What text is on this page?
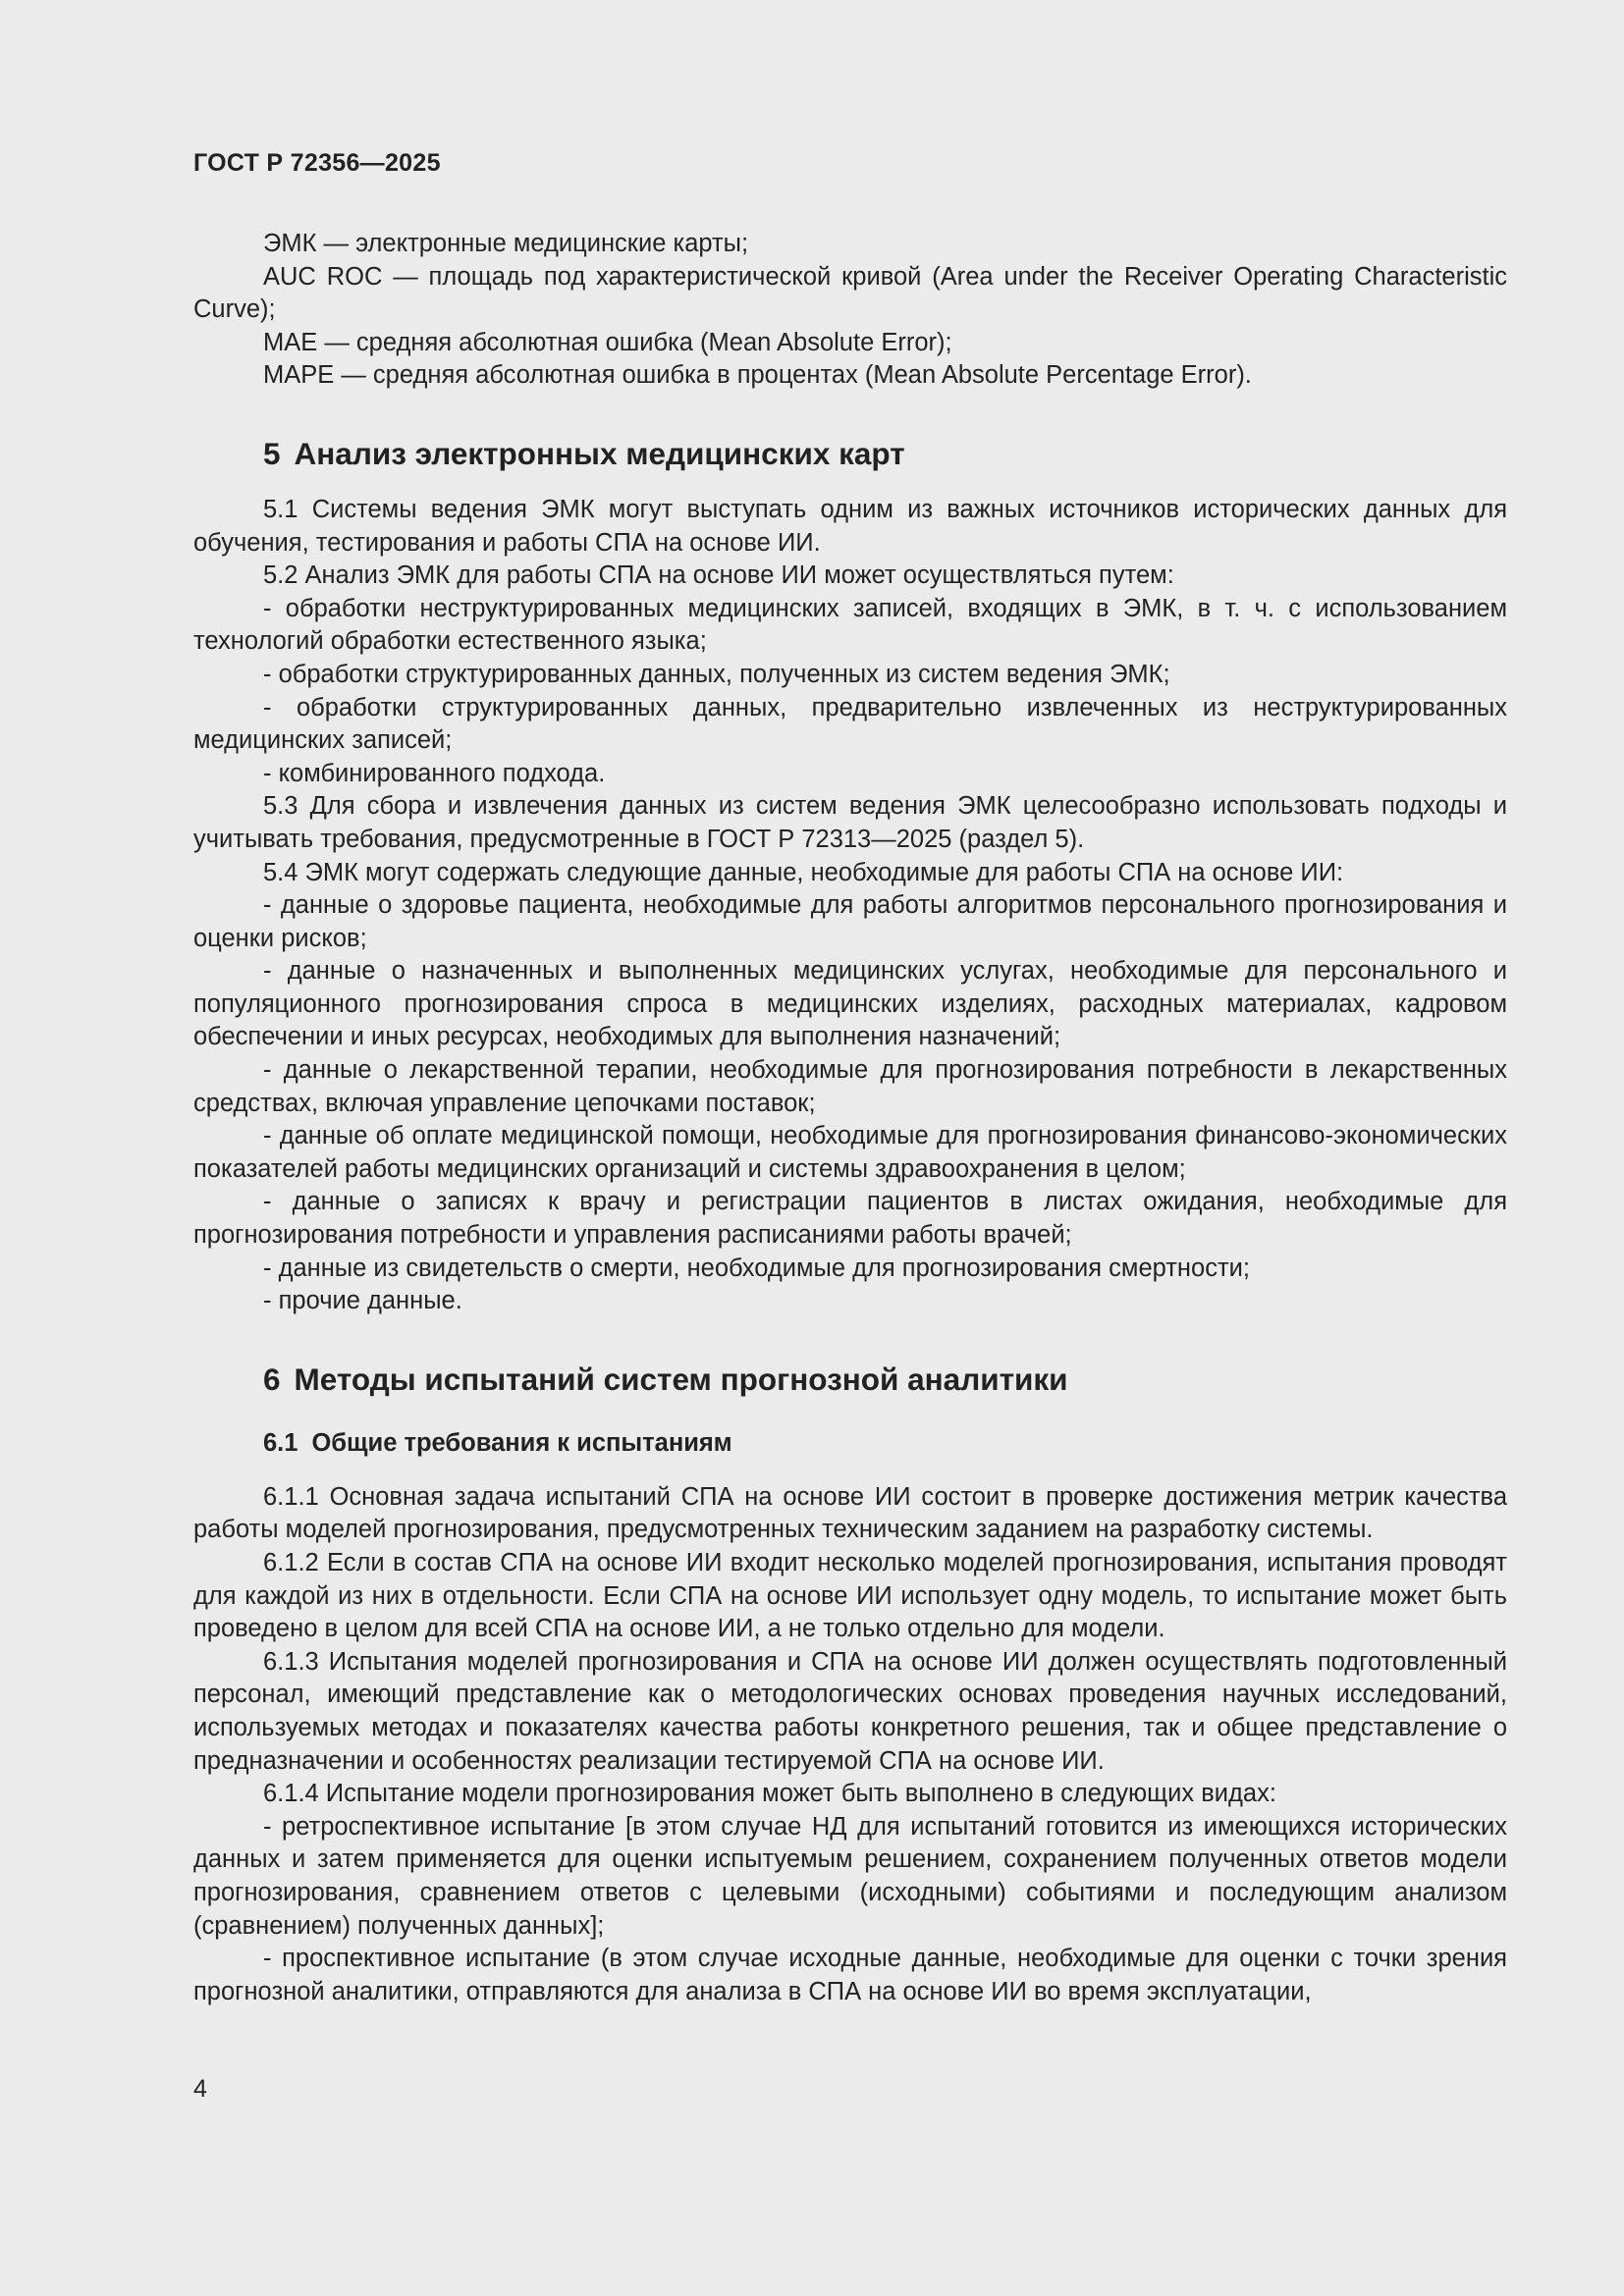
ГОСТ Р 72356—2025

ЭМК — электронные медицинские карты;

AUC ROC — площадь под характеристической кривой (Area under the Receiver Operating Characteristic Curve);

MAE — средняя абсолютная ошибка (Mean Absolute Error);

MAPE — средняя абсолютная ошибка в процентах (Mean Absolute Percentage Error).

5 Анализ электронных медицинских карт

5.1 Системы ведения ЭМК могут выступать одним из важных источников исторических данных для обучения, тестирования и работы СПА на основе ИИ.

5.2 Анализ ЭМК для работы СПА на основе ИИ может осуществляться путем:

- обработки неструктурированных медицинских записей, входящих в ЭМК, в т. ч. с использованием технологий обработки естественного языка;

- обработки структурированных данных, полученных из систем ведения ЭМК;

- обработки структурированных данных, предварительно извлеченных из неструктурированных медицинских записей;

- комбинированного подхода.

5.3 Для сбора и извлечения данных из систем ведения ЭМК целесообразно использовать подходы и учитывать требования, предусмотренные в ГОСТ Р 72313—2025 (раздел 5).

5.4 ЭМК могут содержать следующие данные, необходимые для работы СПА на основе ИИ:

- данные о здоровье пациента, необходимые для работы алгоритмов персонального прогнозирования и оценки рисков;

- данные о назначенных и выполненных медицинских услугах, необходимые для персонального и популяционного прогнозирования спроса в медицинских изделиях, расходных материалах, кадровом обеспечении и иных ресурсах, необходимых для выполнения назначений;

- данные о лекарственной терапии, необходимые для прогнозирования потребности в лекарственных средствах, включая управление цепочками поставок;

- данные об оплате медицинской помощи, необходимые для прогнозирования финансово-экономических показателей работы медицинских организаций и системы здравоохранения в целом;

- данные о записях к врачу и регистрации пациентов в листах ожидания, необходимые для прогнозирования потребности и управления расписаниями работы врачей;

- данные из свидетельств о смерти, необходимые для прогнозирования смертности;

- прочие данные.

6 Методы испытаний систем прогнозной аналитики
6.1 Общие требования к испытаниям

6.1.1 Основная задача испытаний СПА на основе ИИ состоит в проверке достижения метрик качества работы моделей прогнозирования, предусмотренных техническим заданием на разработку системы.

6.1.2 Если в состав СПА на основе ИИ входит несколько моделей прогнозирования, испытания проводят для каждой из них в отдельности. Если СПА на основе ИИ использует одну модель, то испытание может быть проведено в целом для всей СПА на основе ИИ, а не только отдельно для модели.

6.1.3 Испытания моделей прогнозирования и СПА на основе ИИ должен осуществлять подготовленный персонал, имеющий представление как о методологических основах проведения научных исследований, используемых методах и показателях качества работы конкретного решения, так и общее представление о предназначении и особенностях реализации тестируемой СПА на основе ИИ.

6.1.4 Испытание модели прогнозирования может быть выполнено в следующих видах:

- ретроспективное испытание [в этом случае НД для испытаний готовится из имеющихся исторических данных и затем применяется для оценки испытуемым решением, сохранением полученных ответов модели прогнозирования, сравнением ответов с целевыми (исходными) событиями и последующим анализом (сравнением) полученных данных];

- проспективное испытание (в этом случае исходные данные, необходимые для оценки с точки зрения прогнозной аналитики, отправляются для анализа в СПА на основе ИИ во время эксплуатации,

4
